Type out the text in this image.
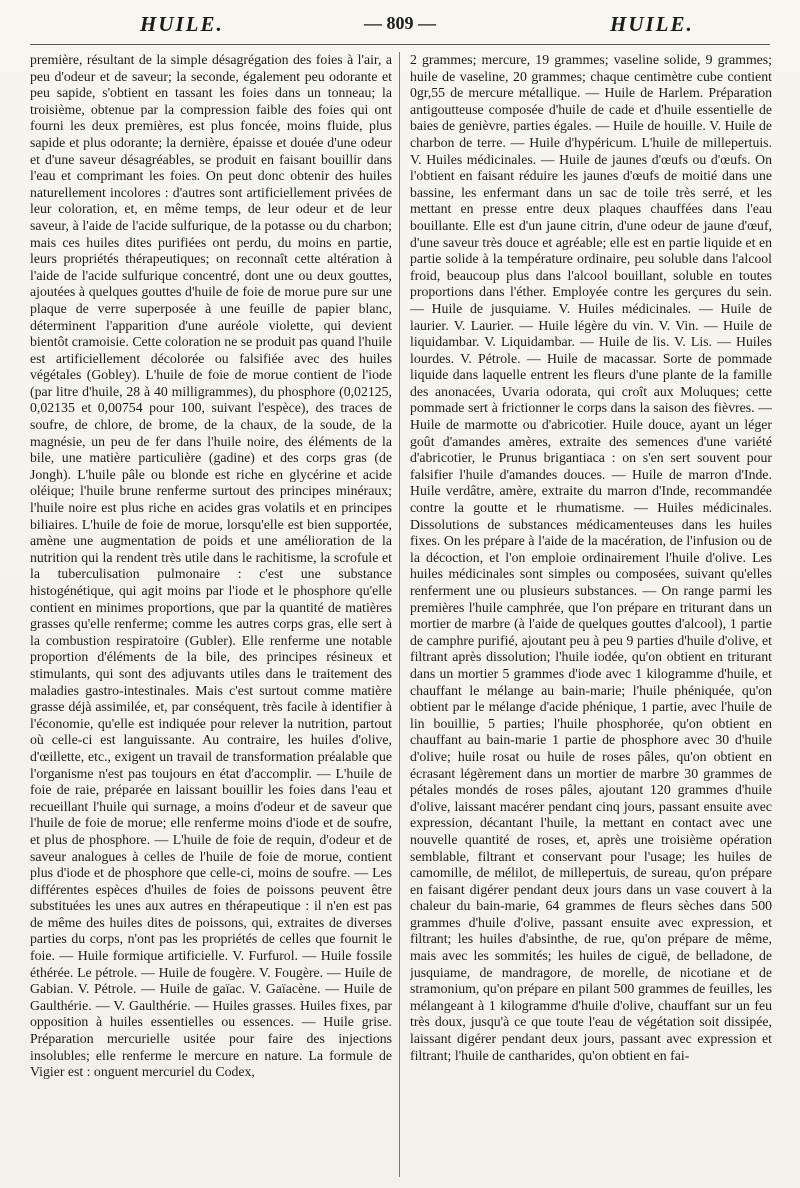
HUILE.	— 809 —	HUILE.

première, résultant de la simple désagrégation des foies à l'air, a peu d'odeur et de saveur; la seconde, également peu odorante et peu sapide, s'obtient en tassant les foies dans un tonneau; la troisième, obtenue par la compression faible des foies qui ont fourni les deux premières, est plus foncée, moins fluide, plus sapide et plus odorante; la dernière, épaisse et douée d'une odeur et d'une saveur désagréables, se produit en faisant bouillir dans l'eau et comprimant les foies. On peut donc obtenir des huiles naturellement incolores : d'autres sont artificiellement privées de leur coloration, et, en même temps, de leur odeur et de leur saveur, à l'aide de l'acide sulfurique, de la potasse ou du charbon; mais ces huiles dites purifiées ont perdu, du moins en partie, leurs propriétés thérapeutiques; on reconnaît cette altération à l'aide de l'acide sulfurique concentré, dont une ou deux gouttes, ajoutées à quelques gouttes d'huile de foie de morue pure sur une plaque de verre superposée à une feuille de papier blanc, déterminent l'apparition d'une auréole violette, qui devient bientôt cramoisie. Cette coloration ne se produit pas quand l'huile est artificiellement décolorée ou falsifiée avec des huiles végétales (Gobley). L'huile de foie de morue contient de l'iode (par litre d'huile, 28 à 40 milligrammes), du phosphore (0,02125, 0,02135 et 0,00754 pour 100, suivant l'espèce), des traces de soufre, de chlore, de brome, de la chaux, de la soude, de la magnésie, un peu de fer dans l'huile noire, des éléments de la bile, une matière particulière (gadine) et des corps gras (de Jongh). L'huile pâle ou blonde est riche en glycérine et acide oléique; l'huile brune renferme surtout des principes minéraux; l'huile noire est plus riche en acides gras volatils et en principes biliaires. L'huile de foie de morue, lorsqu'elle est bien supportée, amène une augmentation de poids et une amélioration de la nutrition qui la rendent très utile dans le rachitisme, la scrofule et la tuberculisation pulmonaire : c'est une substance histogénétique, qui agit moins par l'iode et le phosphore qu'elle contient en minimes proportions, que par la quantité de matières grasses qu'elle renferme; comme les autres corps gras, elle sert à la combustion respiratoire (Gubler). Elle renferme une notable proportion d'éléments de la bile, des principes résineux et stimulants, qui sont des adjuvants utiles dans le traitement des maladies gastro-intestinales. Mais c'est surtout comme matière grasse déjà assimilée, et, par conséquent, très facile à identifier à l'économie, qu'elle est indiquée pour relever la nutrition, partout où celle-ci est languissante. Au contraire, les huiles d'olive, d'œillette, etc., exigent un travail de transformation préalable que l'organisme n'est pas toujours en état d'accomplir. — L'huile de foie de raie, préparée en laissant bouillir les foies dans l'eau et recueillant l'huile qui surnage, a moins d'odeur et de saveur que l'huile de foie de morue; elle renferme moins d'iode et de soufre, et plus de phosphore. — L'huile de foie de requin, d'odeur et de saveur analogues à celles de l'huile de foie de morue, contient plus d'iode et de phosphore que celle-ci, moins de soufre. — Les différentes espèces d'huiles de foies de poissons peuvent être substituées les unes aux autres en thérapeutique : il n'en est pas de même des huiles dites de poissons, qui, extraites de diverses parties du corps, n'ont pas les propriétés de celles que fournit le foie. — Huile formique artificielle. V. Furfurol. — Huile fossile éthérée. Le pétrole. — Huile de fougère. V. Fougère. — Huile de Gabian. V. Pétrole. — Huile de gaïac. V. Gaïacène. — Huile de Gaulthérie. — V. Gaulthérie. — Huiles grasses. Huiles fixes, par opposition à huiles essentielles ou essences. — Huile grise. Préparation mercurielle usitée pour faire des injections insolubles; elle renferme le mercure en nature. La formule de Vigier est : onguent mercuriel du Codex,

2 grammes; mercure, 19 grammes; vaseline solide, 9 grammes; huile de vaseline, 20 grammes; chaque centimètre cube contient 0gr,55 de mercure métallique. — Huile de Harlem. Préparation antigoutteuse composée d'huile de cade et d'huile essentielle de baies de genièvre, parties égales. — Huile de houille. V. Huile de charbon de terre. — Huile d'hypéricum. L'huile de millepertuis. V. Huiles médicinales. — Huile de jaunes d'œufs ou d'œufs. On l'obtient en faisant réduire les jaunes d'œufs de moitié dans une bassine, les enfermant dans un sac de toile très serré, et les mettant en presse entre deux plaques chauffées dans l'eau bouillante. Elle est d'un jaune citrin, d'une odeur de jaune d'œuf, d'une saveur très douce et agréable; elle est en partie liquide et en partie solide à la température ordinaire, peu soluble dans l'alcool froid, beaucoup plus dans l'alcool bouillant, soluble en toutes proportions dans l'éther. Employée contre les gerçures du sein. — Huile de jusquiame. V. Huiles médicinales. — Huile de laurier. V. Laurier. — Huile légère du vin. V. Vin. — Huile de liquidambar. V. Liquidambar. — Huile de lis. V. Lis. — Huiles lourdes. V. Pétrole. — Huile de macassar. Sorte de pommade liquide dans laquelle entrent les fleurs d'une plante de la famille des anonacées, Uvaria odorata, qui croît aux Moluques; cette pommade sert à frictionner le corps dans la saison des fièvres. — Huile de marmotte ou d'abricotier. Huile douce, ayant un léger goût d'amandes amères, extraite des semences d'une variété d'abricotier, le Prunus brigantiaca : on s'en sert souvent pour falsifier l'huile d'amandes douces. — Huile de marron d'Inde. Huile verdâtre, amère, extraite du marron d'Inde, recommandée contre la goutte et le rhumatisme. — Huiles médicinales. Dissolutions de substances médicamenteuses dans les huiles fixes. On les prépare à l'aide de la macération, de l'infusion ou de la décoction, et l'on emploie ordinairement l'huile d'olive. Les huiles médicinales sont simples ou composées, suivant qu'elles renferment une ou plusieurs substances. — On range parmi les premières l'huile camphrée, que l'on prépare en triturant dans un mortier de marbre (à l'aide de quelques gouttes d'alcool), 1 partie de camphre purifié, ajoutant peu à peu 9 parties d'huile d'olive, et filtrant après dissolution; l'huile iodée, qu'on obtient en triturant dans un mortier 5 grammes d'iode avec 1 kilogramme d'huile, et chauffant le mélange au bain-marie; l'huile phéniquée, qu'on obtient par le mélange d'acide phénique, 1 partie, avec l'huile de lin bouillie, 5 parties; l'huile phosphorée, qu'on obtient en chauffant au bain-marie 1 partie de phosphore avec 30 d'huile d'olive; huile rosat ou huile de roses pâles, qu'on obtient en écrasant légèrement dans un mortier de marbre 30 grammes de pétales mondés de roses pâles, ajoutant 120 grammes d'huile d'olive, laissant macérer pendant cinq jours, passant ensuite avec expression, décantant l'huile, la mettant en contact avec une nouvelle quantité de roses, et, après une troisième opération semblable, filtrant et conservant pour l'usage; les huiles de camomille, de mélilot, de millepertuis, de sureau, qu'on prépare en faisant digérer pendant deux jours dans un vase couvert à la chaleur du bain-marie, 64 grammes de fleurs sèches dans 500 grammes d'huile d'olive, passant ensuite avec expression, et filtrant; les huiles d'absinthe, de rue, qu'on prépare de même, mais avec les sommités; les huiles de ciguë, de belladone, de jusquiame, de mandragore, de morelle, de nicotiane et de stramonium, qu'on prépare en pilant 500 grammes de feuilles, les mélangeant à 1 kilogramme d'huile d'olive, chauffant sur un feu très doux, jusqu'à ce que toute l'eau de végétation soit dissipée, laissant digérer pendant deux jours, passant avec expression et filtrant; l'huile de cantharides, qu'on obtient en fai-
